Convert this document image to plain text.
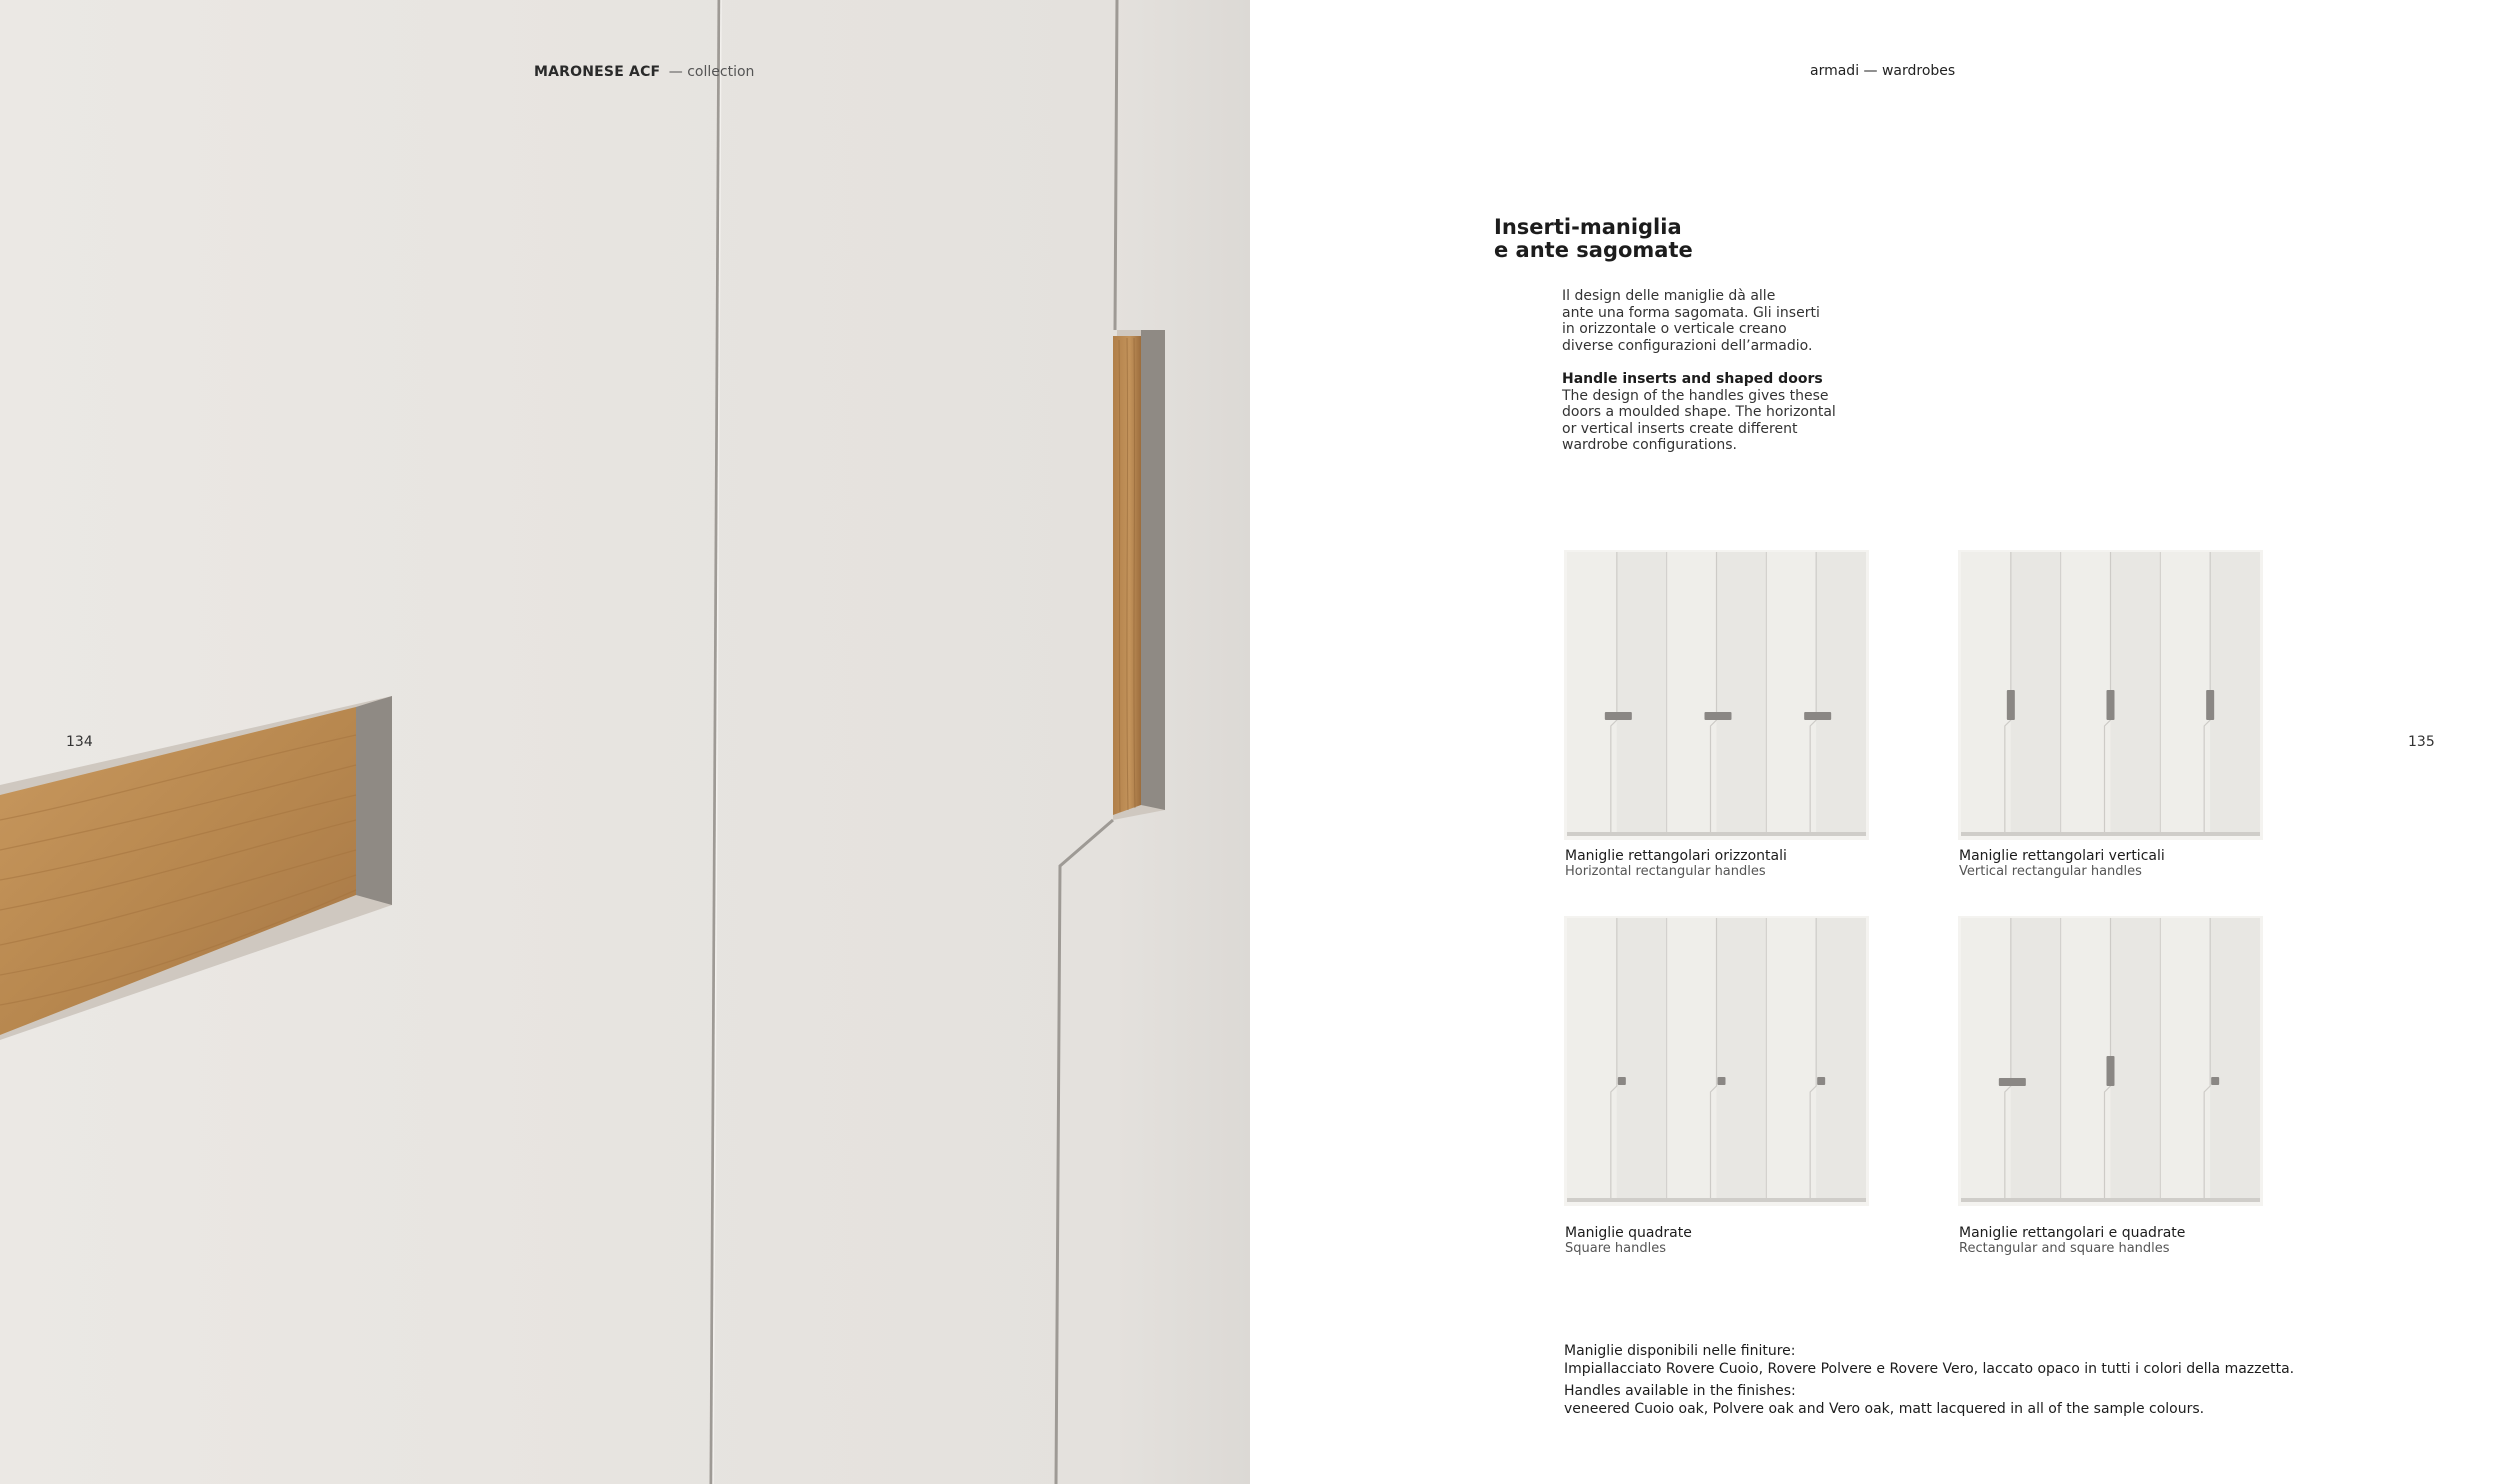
MARONESE ACF — collection
134
armadi — wardrobes
Inserti-maniglia
e ante sagomate

Il design delle maniglie dà alle

ante una forma sagomata. Gli inserti

in orizzontale o verticale creano

diverse configurazioni dell’armadio.

Handle inserts and shaped doors

The design of the handles gives these

doors a moulded shape. The horizontal

or vertical inserts create different

wardrobe configurations.

Maniglie rettangolari orizzontali
Horizontal rectangular handles
Maniglie rettangolari verticali
Vertical rectangular handles
Maniglie quadrate
Square handles
Maniglie rettangolari e quadrate
Rectangular and square handles

Maniglie disponibili nelle finiture:
Impiallacciato Rovere Cuoio, Rovere Polvere e Rovere Vero, laccato opaco in tutti i colori della mazzetta.

Handles available in the finishes:
veneered Cuoio oak, Polvere oak and Vero oak, matt lacquered in all of the sample colours.

135
